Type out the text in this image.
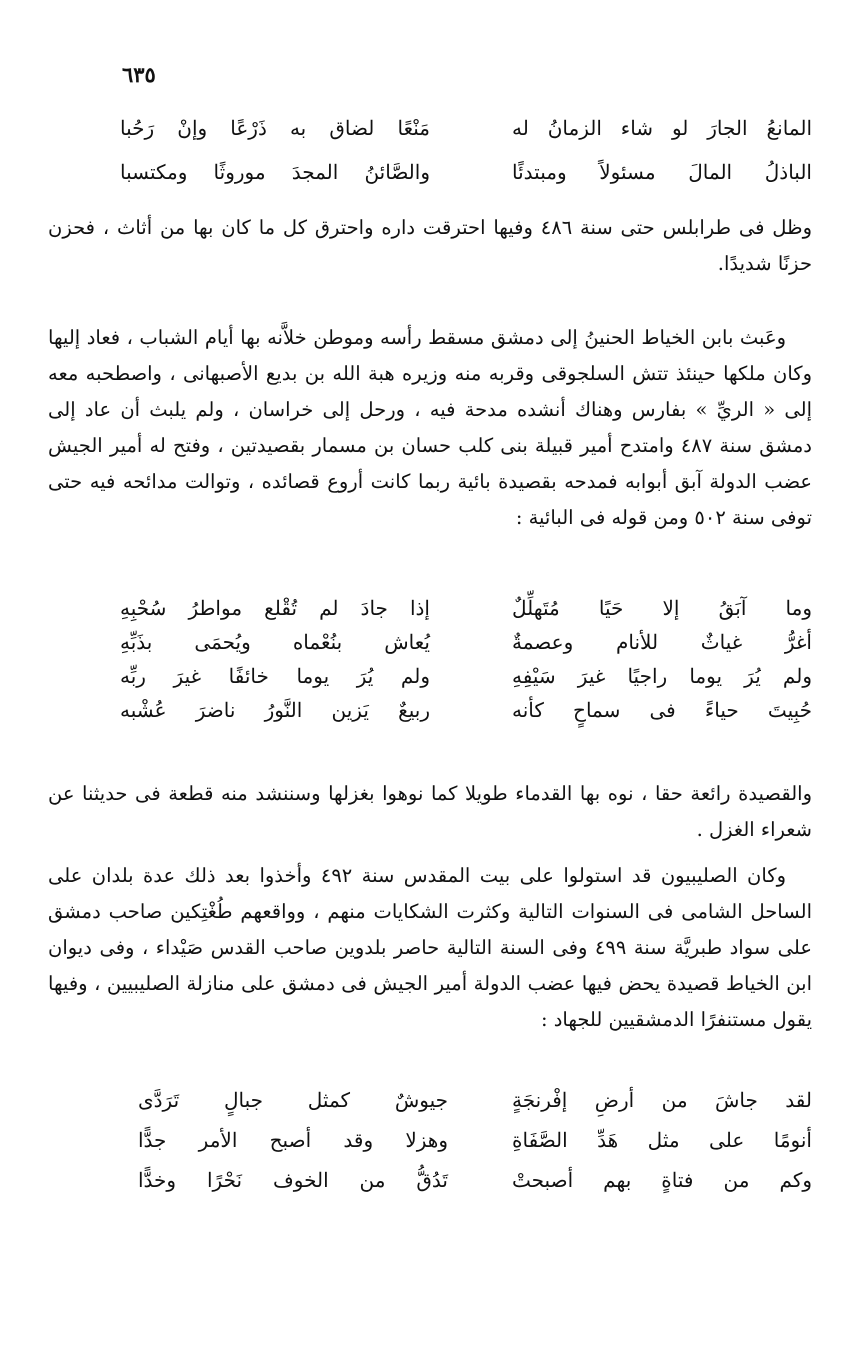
٦٣٥
المانعُ الجارَ لو شاء الزمانُ له
مَنْعًا لضاق به ذَرْعًا وإنْ رَحُبا
الباذلُ المالَ مسئولاً ومبتدئًا
والصَّائنُ المجدَ موروثًا ومكتسبا

وظل فى طرابلس حتى سنة ٤٨٦ وفيها احترقت داره واحترق كل ما كان بها من أثاث ، فحزن حزنًا شديدًا.

وعَبث بابن الخياط الحنينُ إلى دمشق مسقط رأسه وموطن خلاَّنه بها أيام الشباب ، فعاد إليها وكان ملكها حينئذ تتش السلجوقى وقربه منه وزيره هبة الله بن بديع الأصبهانى ، واصطحبه معه إلى « الريِّ » بفارس وهناك أنشده مدحة فيه ، ورحل إلى خراسان ، ولم يلبث أن عاد إلى دمشق سنة ٤٨٧ وامتدح أمير قبيلة بنى كلب حسان بن مسمار بقصيدتين ، وفتح له أمير الجيش عضب الدولة آبق أبوابه فمدحه بقصيدة بائية ربما كانت أروع قصائده ، وتوالت مدائحه فيه حتى توفى سنة ٥٠٢ ومن قوله فى البائية :

وما آبَقُ إلا حَيًا مُتَهلِّلٌ
إذا جادَ لم تُقْلع مواطرُ سُحْبِهِ
أغرُّ غياثٌ للأنام وعصمةٌ
يُعاش بنُعْماه ويُحمَى بذَبِّهِ
ولم يُرَ يوما راجيًا غيرَ سَيْفِهِ
ولم يُرَ يوما خائفًا غيرَ ربِّه
حُبِيتَ حياءً فى سماحٍ كأنه
ربيعٌ يَزين النَّورُ ناضرَ عُشْبه

والقصيدة رائعة حقا ، نوه بها القدماء طويلا كما نوهوا بغزلها وسننشد منه قطعة فى حديثنا عن شعراء الغزل .

وكان الصليبيون قد استولوا على بيت المقدس سنة ٤٩٢ وأخذوا بعد ذلك عدة بلدان على الساحل الشامى فى السنوات التالية وكثرت الشكايات منهم ، وواقعهم طُغْتِكين صاحب دمشق على سواد طبريَّة سنة ٤٩٩ وفى السنة التالية حاصر بلدوين صاحب القدس صَيْداء ، وفى ديوان ابن الخياط قصيدة يحض فيها عضب الدولة أمير الجيش فى دمشق على منازلة الصليبيين ، وفيها يقول مستنفرًا الدمشقيين للجهاد :

لقد جاشَ من أرضِ إفْرنجَةٍ
جيوشٌ كمثل جبالٍ تَرَدَّى
أنومًا على مثل هَدِّ الصَّفَاةِ
وهزلا وقد أصبح الأمر جدًّا
وكم من فتاةٍ بهم أصبحتْ
تَدُقُّ من الخوف نَحْرًا وخدًّا
